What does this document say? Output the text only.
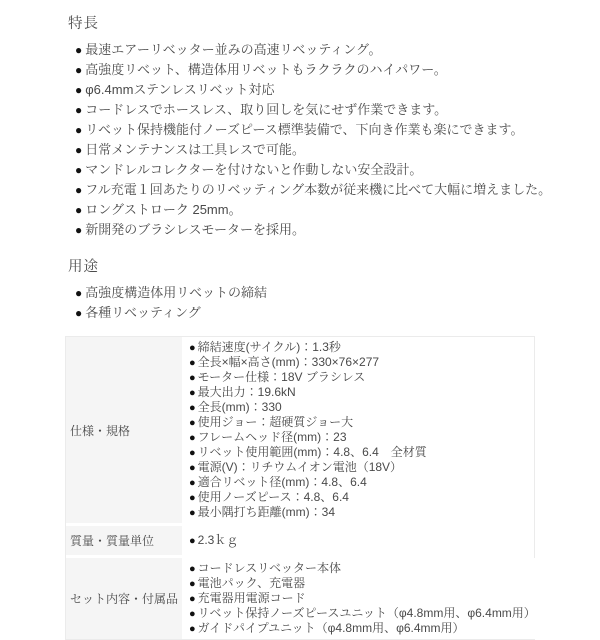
特長
● 最速エアーリベッター並みの高速リベッティング。
● 高強度リベット、構造体用リベットもラクラクのハイパワー。
● φ6.4mmステンレスリベット対応
● コードレスでホースレス、取り回しを気にせず作業できます。
● リベット保持機能付ノーズピース標準装備で、下向き作業も楽にできます。
● 日常メンテナンスは工具レスで可能。
● マンドレルコレクターを付けないと作動しない安全設計。
● フル充電１回あたりのリベッティング本数が従来機に比べて大幅に増えました。
● ロングストローク 25mm。
● 新開発のブラシレスモーターを採用。
用途
● 高強度構造体用リベットの締結
● 各種リベッティング
仕様・規格
● 締結速度(サイクル)：1.3秒
● 全長×幅×高さ(mm)：330×76×277
● モーター仕様：18V ブラシレス
● 最大出力：19.6kN
● 全長(mm)：330
● 使用ジョー：超硬質ジョー大
● フレームヘッド径(mm)：23
● リベット使用範囲(mm)：4.8、6.4　全材質
● 電源(V)：リチウムイオン電池（18V）
● 適合リベット径(mm)：4.8、6.4
● 使用ノーズピース：4.8、6.4
● 最小隅打ち距離(mm)：34
質量・質量単位	● 2.3ｋｇ
セット内容・付属品
● コードレスリベッター本体
● 電池パック、充電器
● 充電器用電源コード
● リベット保持ノーズピースユニット（φ4.8mm用、φ6.4mm用）
● ガイドパイプユニット（φ4.8mm用、φ6.4mm用）
